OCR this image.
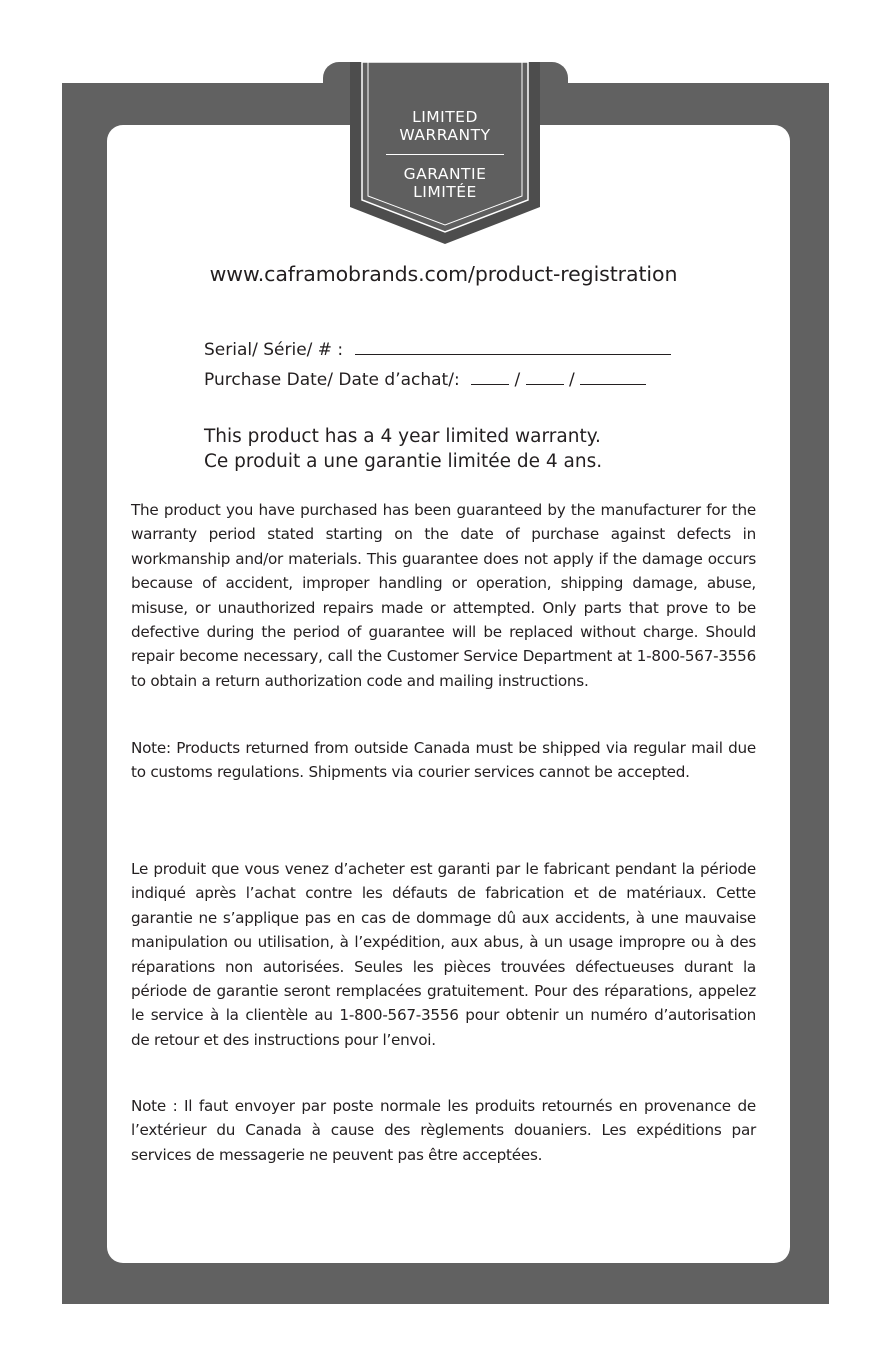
LIMITED
WARRANTY
GARANTIE
LIMITÉE
www.caframobrands.com/product-registration
Serial/ Série/ # :
Purchase Date/ Date d’achat/:	/	/
This product has a 4 year limited warranty.
Ce produit a une garantie limitée de 4 ans.
The product you have purchased has been guaranteed by the manufacturer for the warranty period stated starting on the date of purchase against defects in workmanship and/or materials. This guarantee does not apply if the damage occurs because of accident, improper handling or operation, shipping damage, abuse, misuse, or unauthorized repairs made or attempted. Only parts that prove to be defective during the period of guarantee will be replaced without charge. Should repair become necessary, call the Customer Service Department at 1-800-567-3556 to obtain a return authorization code and mailing instructions.
Note: Products returned from outside Canada must be shipped via regular mail due to customs regulations. Shipments via courier services cannot be accepted.
Le produit que vous venez d’acheter est garanti par le fabricant pendant la période indiqué après l’achat contre les défauts de fabrication et de matériaux. Cette garantie ne s’applique pas en cas de dommage dû aux accidents, à une mauvaise manipulation ou utilisation, à l’expédition, aux abus, à un usage impropre ou à des réparations non autorisées. Seules les pièces trouvées défectueuses durant la période de garantie seront remplacées gratuitement. Pour des réparations, appelez le service à la clientèle au 1-800-567-3556 pour obtenir un numéro d’autorisation de retour et des instructions pour l’envoi.
Note : Il faut envoyer par poste normale les produits retournés en provenance de l’extérieur du Canada à cause des règlements douaniers. Les expéditions par services de messagerie ne peuvent pas être acceptées.
